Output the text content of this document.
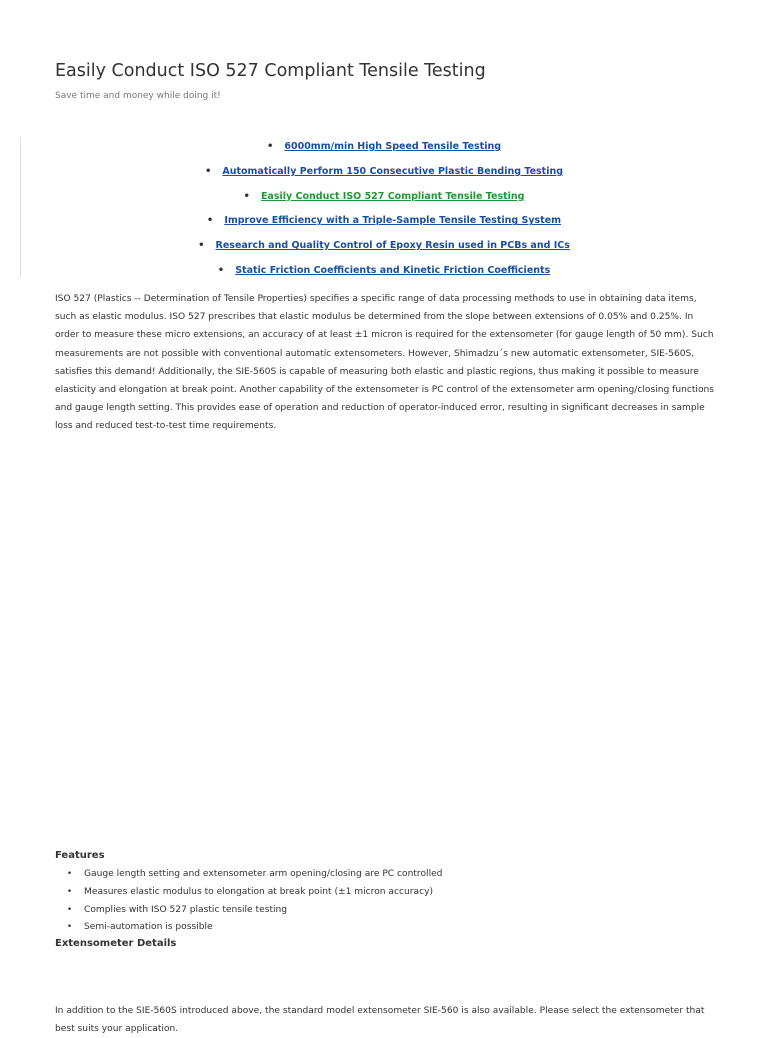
Easily Conduct ISO 527 Compliant Tensile Testing
Save time and money while doing it!
• 6000mm/min High Speed Tensile Testing
• Automatically Perform 150 Consecutive Plastic Bending Testing
• Easily Conduct ISO 527 Compliant Tensile Testing
• Improve Efficiency with a Triple-Sample Tensile Testing System
• Research and Quality Control of Epoxy Resin used in PCBs and ICs
• Static Friction Coefficients and Kinetic Friction Coefficients

ISO 527 (Plastics -- Determination of Tensile Properties) specifies a specific range of data processing methods to use in obtaining data items, such as elastic modulus. ISO 527 prescribes that elastic modulus be determined from the slope between extensions of 0.05% and 0.25%. In order to measure these micro extensions, an accuracy of at least ±1 micron is required for the extensometer (for gauge length of 50 mm). Such measurements are not possible with conventional automatic extensometers. However, Shimadzu´s new automatic extensometer, SIE-560S, satisfies this demand! Additionally, the SIE-560S is capable of measuring both elastic and plastic regions, thus making it possible to measure elasticity and elongation at break point. Another capability of the extensometer is PC control of the extensometer arm opening/closing functions and gauge length setting. This provides ease of operation and reduction of operator-induced error, resulting in significant decreases in sample loss and reduced test-to-test time requirements.

Features
• Gauge length setting and extensometer arm opening/closing are PC controlled
• Measures elastic modulus to elongation at break point (±1 micron accuracy)
• Complies with ISO 527 plastic tensile testing
• Semi-automation is possible
Extensometer Details

In addition to the SIE-560S introduced above, the standard model extensometer SIE-560 is also available. Please select the extensometer that best suits your application.
